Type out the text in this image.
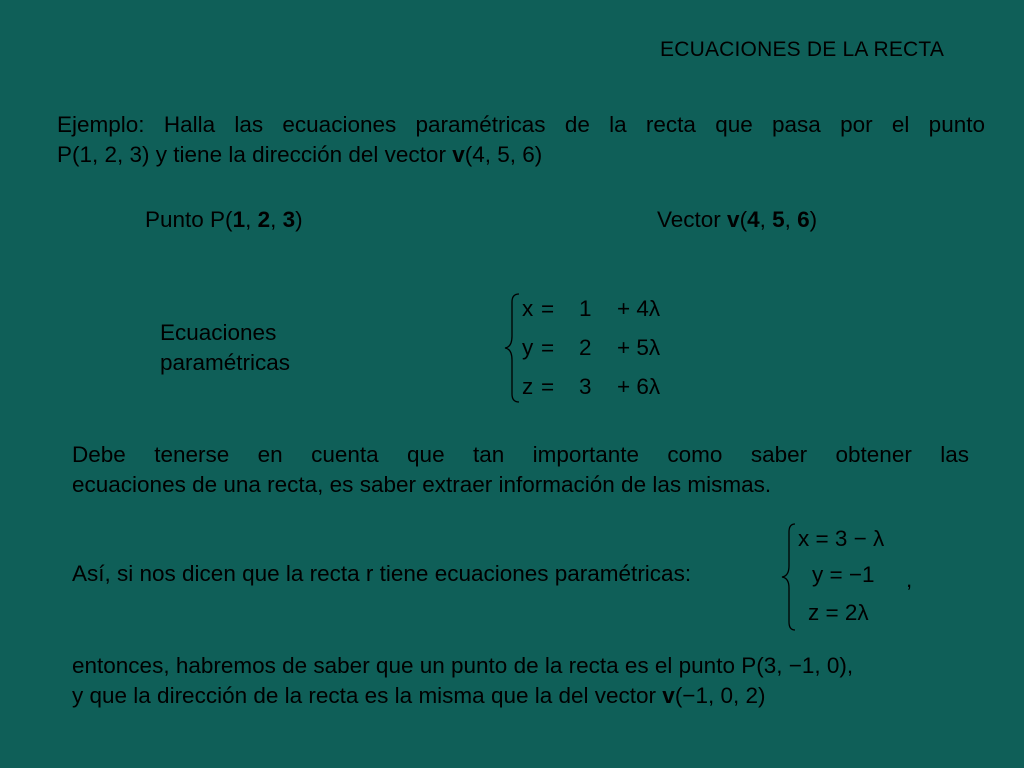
ECUACIONES DE LA RECTA
Ejemplo: Halla las ecuaciones paramétricas de la recta que pasa por el punto
P(1, 2, 3) y tiene la dirección del vector v(4, 5, 6)
Punto P(1, 2, 3)	Vector v(4, 5, 6)
Ecuaciones
paramétricas
x = 1 + 4λ
y = 2 + 5λ
z = 3 + 6λ
Debe tenerse en cuenta que tan importante como saber obtener las
ecuaciones de una recta, es saber extraer información de las mismas.
Así, si nos dicen que la recta r tiene ecuaciones paramétricas:
x = 3 − λ
y = −1 ,
z = 2λ
entonces, habremos de saber que un punto de la recta es el punto P(3, −1, 0),
y que la dirección de la recta es la misma que la del vector v(−1, 0, 2)
